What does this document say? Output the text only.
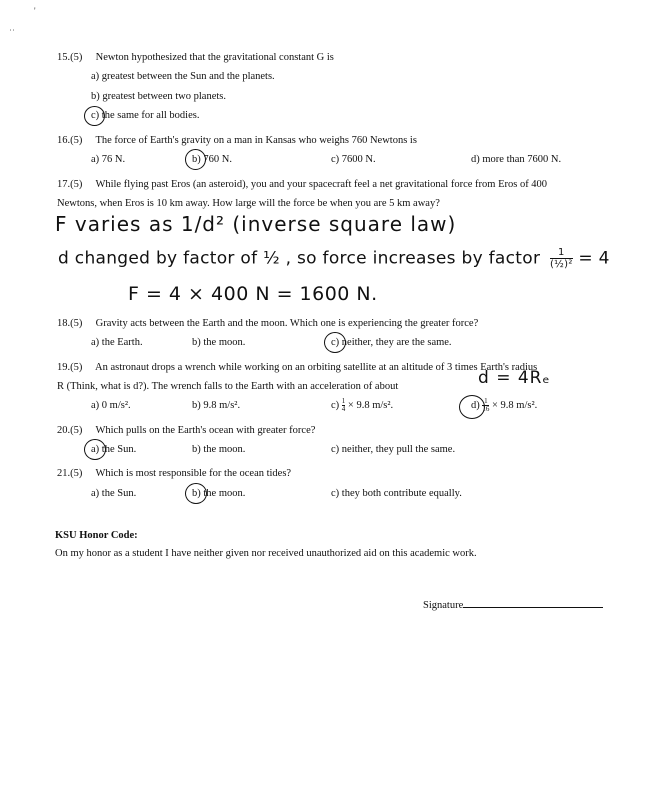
'
˙˙
15.(5) Newton hypothesized that the gravitational constant G is
a) greatest between the Sun and the planets.
b) greatest between two planets.
c) the same for all bodies.
16.(5) The force of Earth's gravity on a man in Kansas who weighs 760 Newtons is
a) 76 N.	b) 760 N.	c) 7600 N.	d) more than 7600 N.
17.(5) While flying past Eros (an asteroid), you and your spacecraft feel a net gravitational force from Eros of 400
Newtons, when Eros is 10 km away. How large will the force be when you are 5 km away?
F varies as 1/d² (inverse square law)
d changed by factor of ½ , so force increases by factor $\frac{1}{\text{(½)²}} = 4$
F = 4 × 400 N = 1600 N.
18.(5) Gravity acts between the Earth and the moon. Which one is experiencing the greater force?
a) the Earth.	b) the moon.	c) neither, they are the same.
19.(5) An astronaut drops a wrench while working on an orbiting satellite at an altitude of 3 times Earth's radius
R (Think, what is d?). The wrench falls to the Earth with an acceleration of about	d = 4Rₑ
a) 0 m/s².	b) 9.8 m/s².	$c) \frac{1}{4} \times 9.8$ m/s².	$d) \frac{1}{16} \times 9.8$ m/s².
20.(5) Which pulls on the Earth's ocean with greater force?
a) the Sun.	b) the moon.	c) neither, they pull the same.
21.(5) Which is most responsible for the ocean tides?
a) the Sun.	b) the moon.	c) they both contribute equally.
KSU Honor Code:
On my honor as a student I have neither given nor received unauthorized aid on this academic work.
Signature
